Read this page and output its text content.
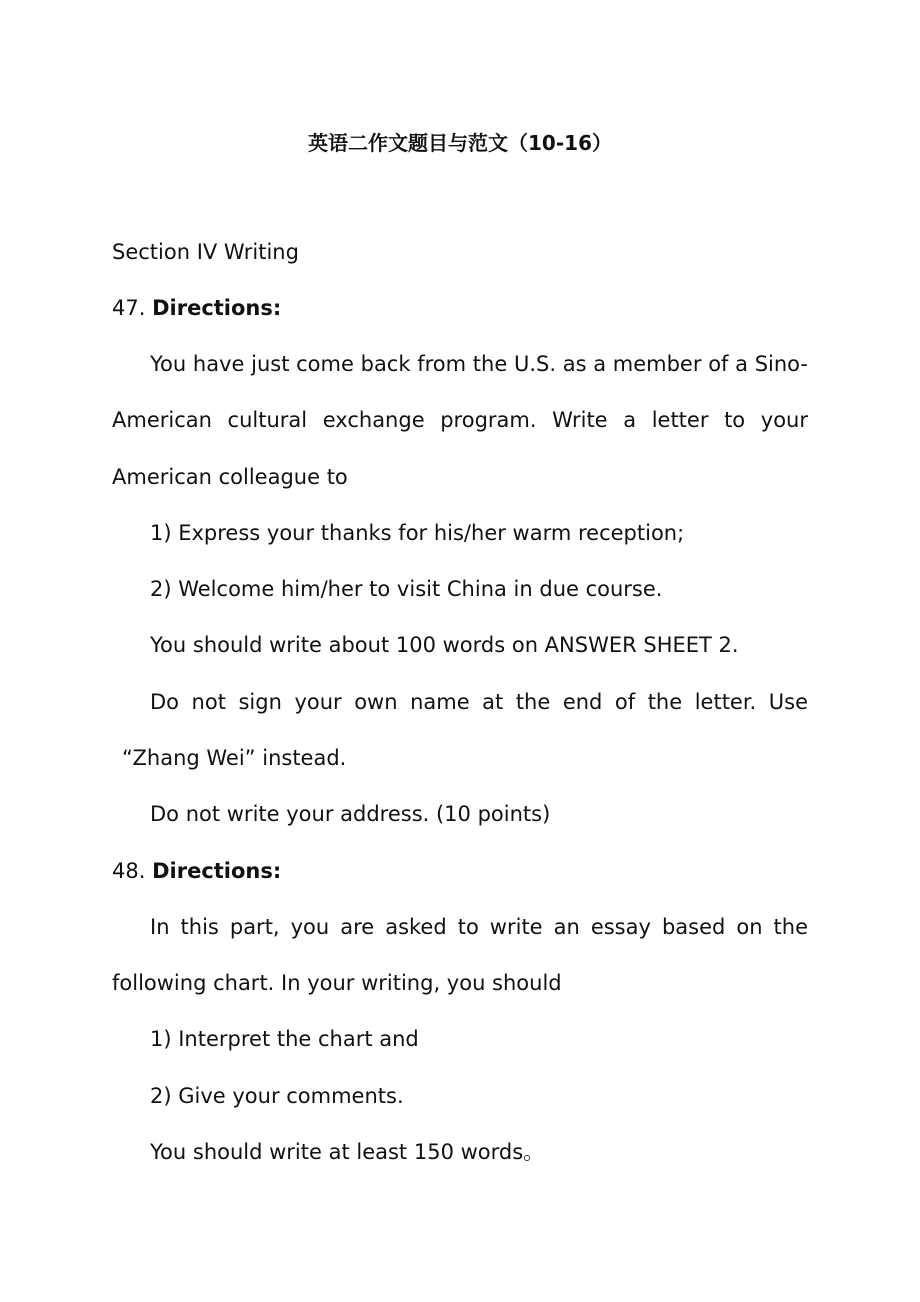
英语二作文题目与范文（10-16）
Section IV Writing
47. Directions:
You have just come back from the U.S. as a member of a Sino-
American cultural exchange program. Write a letter to your
American colleague to
1) Express your thanks for his/her warm reception;
2) Welcome him/her to visit China in due course.
You should write about 100 words on ANSWER SHEET 2.
Do not sign your own name at the end of the letter. Use
“Zhang Wei” instead.
Do not write your address. (10 points)
48. Directions:
In this part, you are asked to write an essay based on the
following chart. In your writing, you should
1) Interpret the chart and
2) Give your comments.
You should write at least 150 words。
